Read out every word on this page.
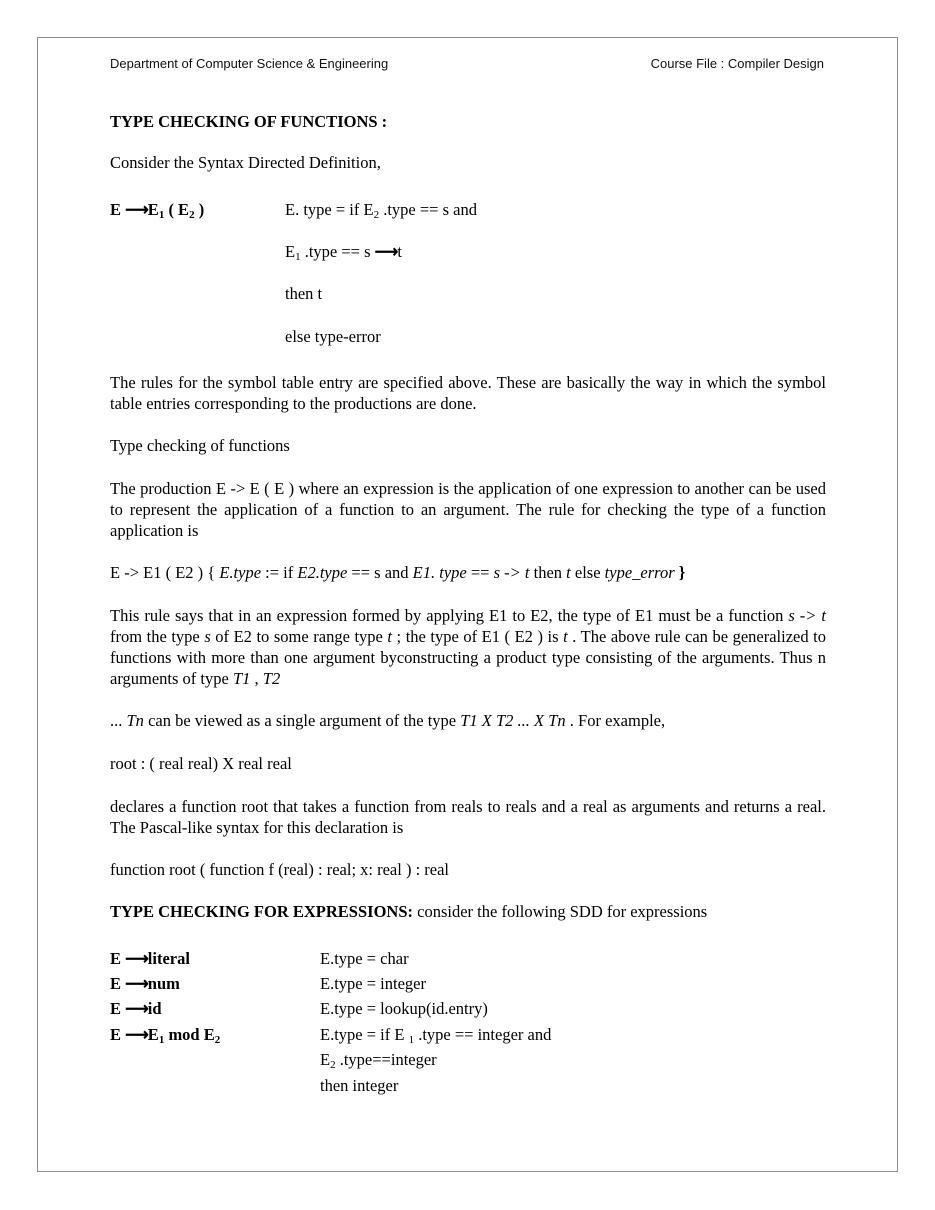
Department of Computer Science & Engineering	Course File : Compiler Design
TYPE CHECKING OF FUNCTIONS :
Consider the Syntax Directed Definition,
E $⟶E_1$ ( $E_2$ )	E. type = if $E_2$ .type == s and
$E_1$ .type == s ⟶t
then t
else type-error
The rules for the symbol table entry are specified above. These are basically the way in which the symbol table entries corresponding to the productions are done.
Type checking of functions
The production E -> E ( E ) where an expression is the application of one expression to another can be used to represent the application of a function to an argument. The rule for checking the type of a function application is
E -> E1 ( E2 ) { E.type := if E2.type == s and E1. type == s -> t then t else type_error }
This rule says that in an expression formed by applying E1 to E2, the type of E1 must be a function s -> t from the type s of E2 to some range type t ; the type of E1 ( E2 ) is t . The above rule can be generalized to functions with more than one argument byconstructing a product type consisting of the arguments. Thus n arguments of type T1 , T2
... Tn can be viewed as a single argument of the type T1 X T2 ... X Tn . For example,
root : ( real real) X real real
declares a function root that takes a function from reals to reals and a real as arguments and returns a real. The Pascal-like syntax for this declaration is
function root ( function f (real) : real; x: real ) : real
TYPE CHECKING FOR EXPRESSIONS: consider the following SDD for expressions
E ⟶literal	E.type = char
E ⟶num	E.type = integer
E ⟶id	E.type = lookup(id.entry)
E $⟶E_1$ mod $E_2$	E.type = if E $_1$ .type == integer and
$E_2$ .type==integer
then integer
